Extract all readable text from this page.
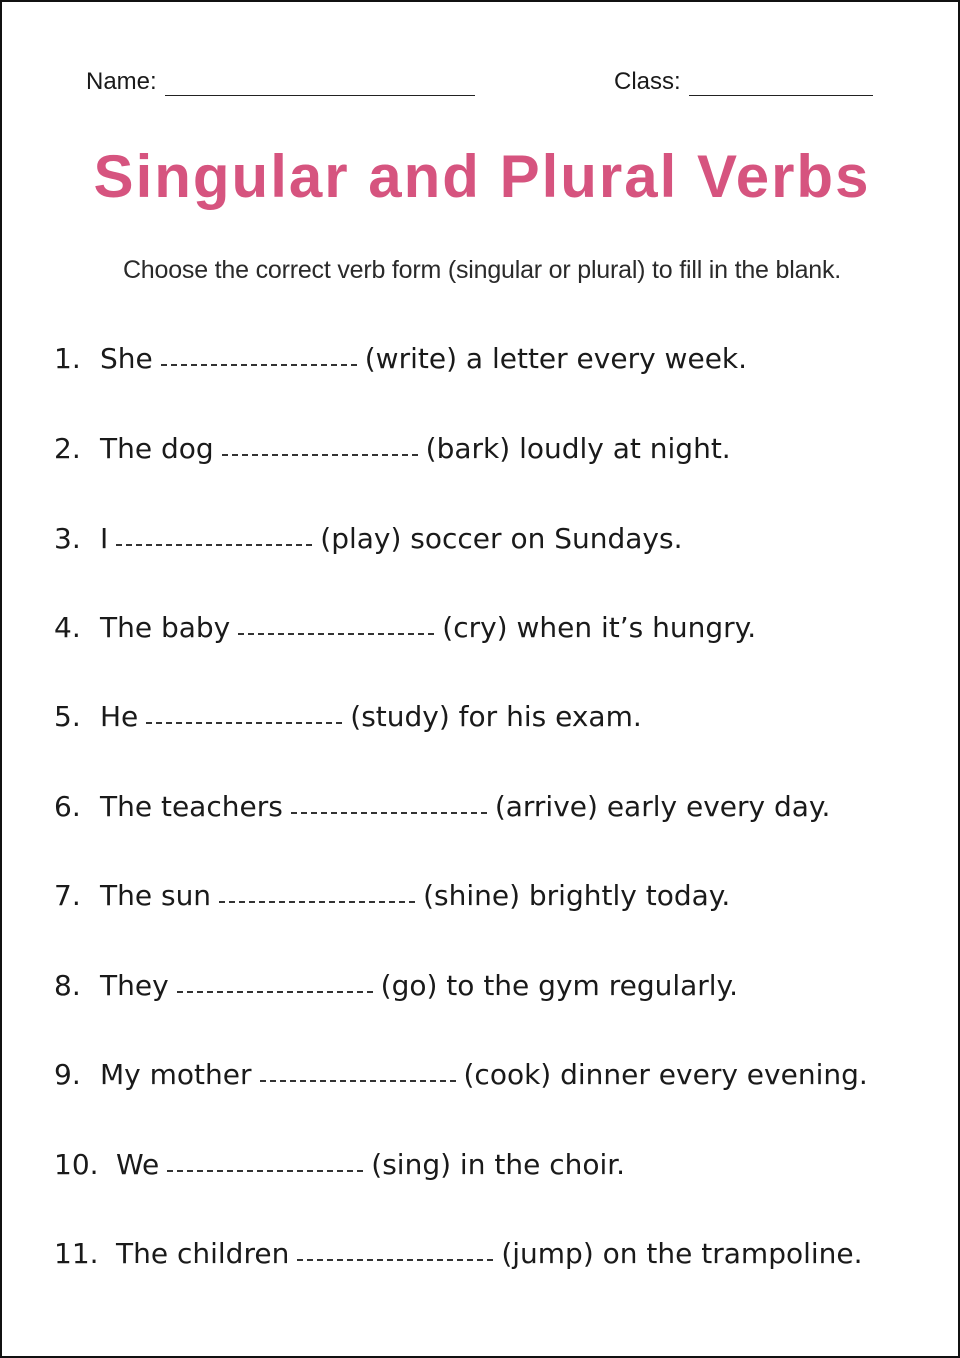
Name:	Class:
Singular and Plural Verbs
Choose the correct verb form (singular or plural) to fill in the blank.
1. She	(write) a letter every week.
2. The dog	(bark) loudly at night.
3. I	(play) soccer on Sundays.
4. The baby	(cry) when it’s hungry.
5. He	(study) for his exam.
6. The teachers	(arrive) early every day.
7. The sun	(shine) brightly today.
8. They	(go) to the gym regularly.
9. My mother	(cook) dinner every evening.
10. We	(sing) in the choir.
11. The children	(jump) on the trampoline.
